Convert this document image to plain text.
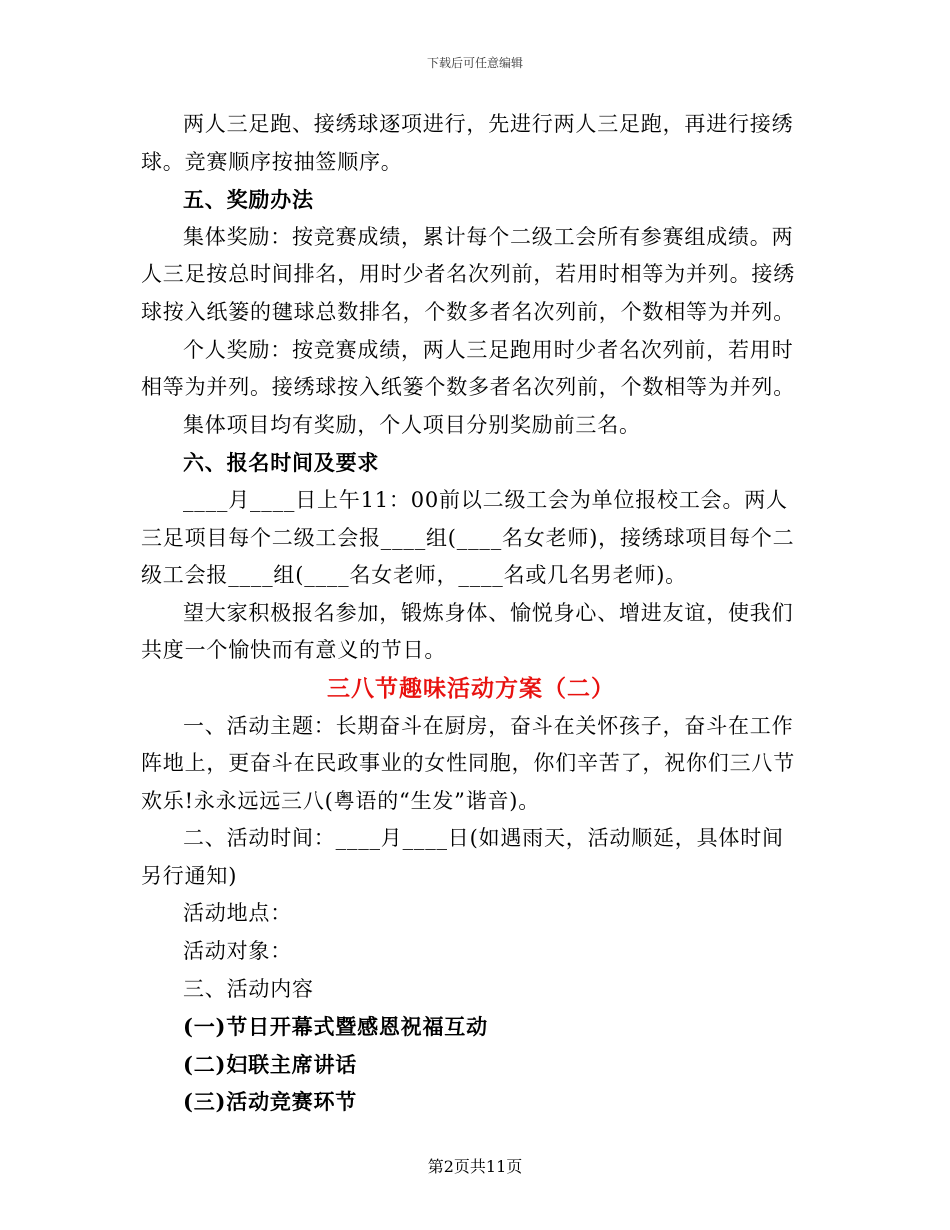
下载后可任意编辑

两人三足跑、接绣球逐项进行，先进行两人三足跑，再进行接绣球。竞赛顺序按抽签顺序。

五、奖励办法

集体奖励：按竞赛成绩，累计每个二级工会所有参赛组成绩。两人三足按总时间排名，用时少者名次列前，若用时相等为并列。接绣球按入纸篓的毽球总数排名，个数多者名次列前，个数相等为并列。

个人奖励：按竞赛成绩，两人三足跑用时少者名次列前，若用时相等为并列。接绣球按入纸篓个数多者名次列前，个数相等为并列。

集体项目均有奖励，个人项目分别奖励前三名。

六、报名时间及要求

____月____日上午11：00前以二级工会为单位报校工会。两人三足项目每个二级工会报____组(____名女老师)，接绣球项目每个二级工会报____组(____名女老师，____名或几名男老师)。

望大家积极报名参加，锻炼身体、愉悦身心、增进友谊，使我们共度一个愉快而有意义的节日。

三八节趣味活动方案（二）

一、活动主题：长期奋斗在厨房，奋斗在关怀孩子，奋斗在工作阵地上，更奋斗在民政事业的女性同胞，你们辛苦了，祝你们三八节欢乐!永永远远三八(粤语的“生发”谐音)。

二、活动时间：____月____日(如遇雨天，活动顺延，具体时间另行通知)

活动地点：

活动对象：

三、活动内容

(一)节日开幕式暨感恩祝福互动

(二)妇联主席讲话

(三)活动竞赛环节

第2页共11页
